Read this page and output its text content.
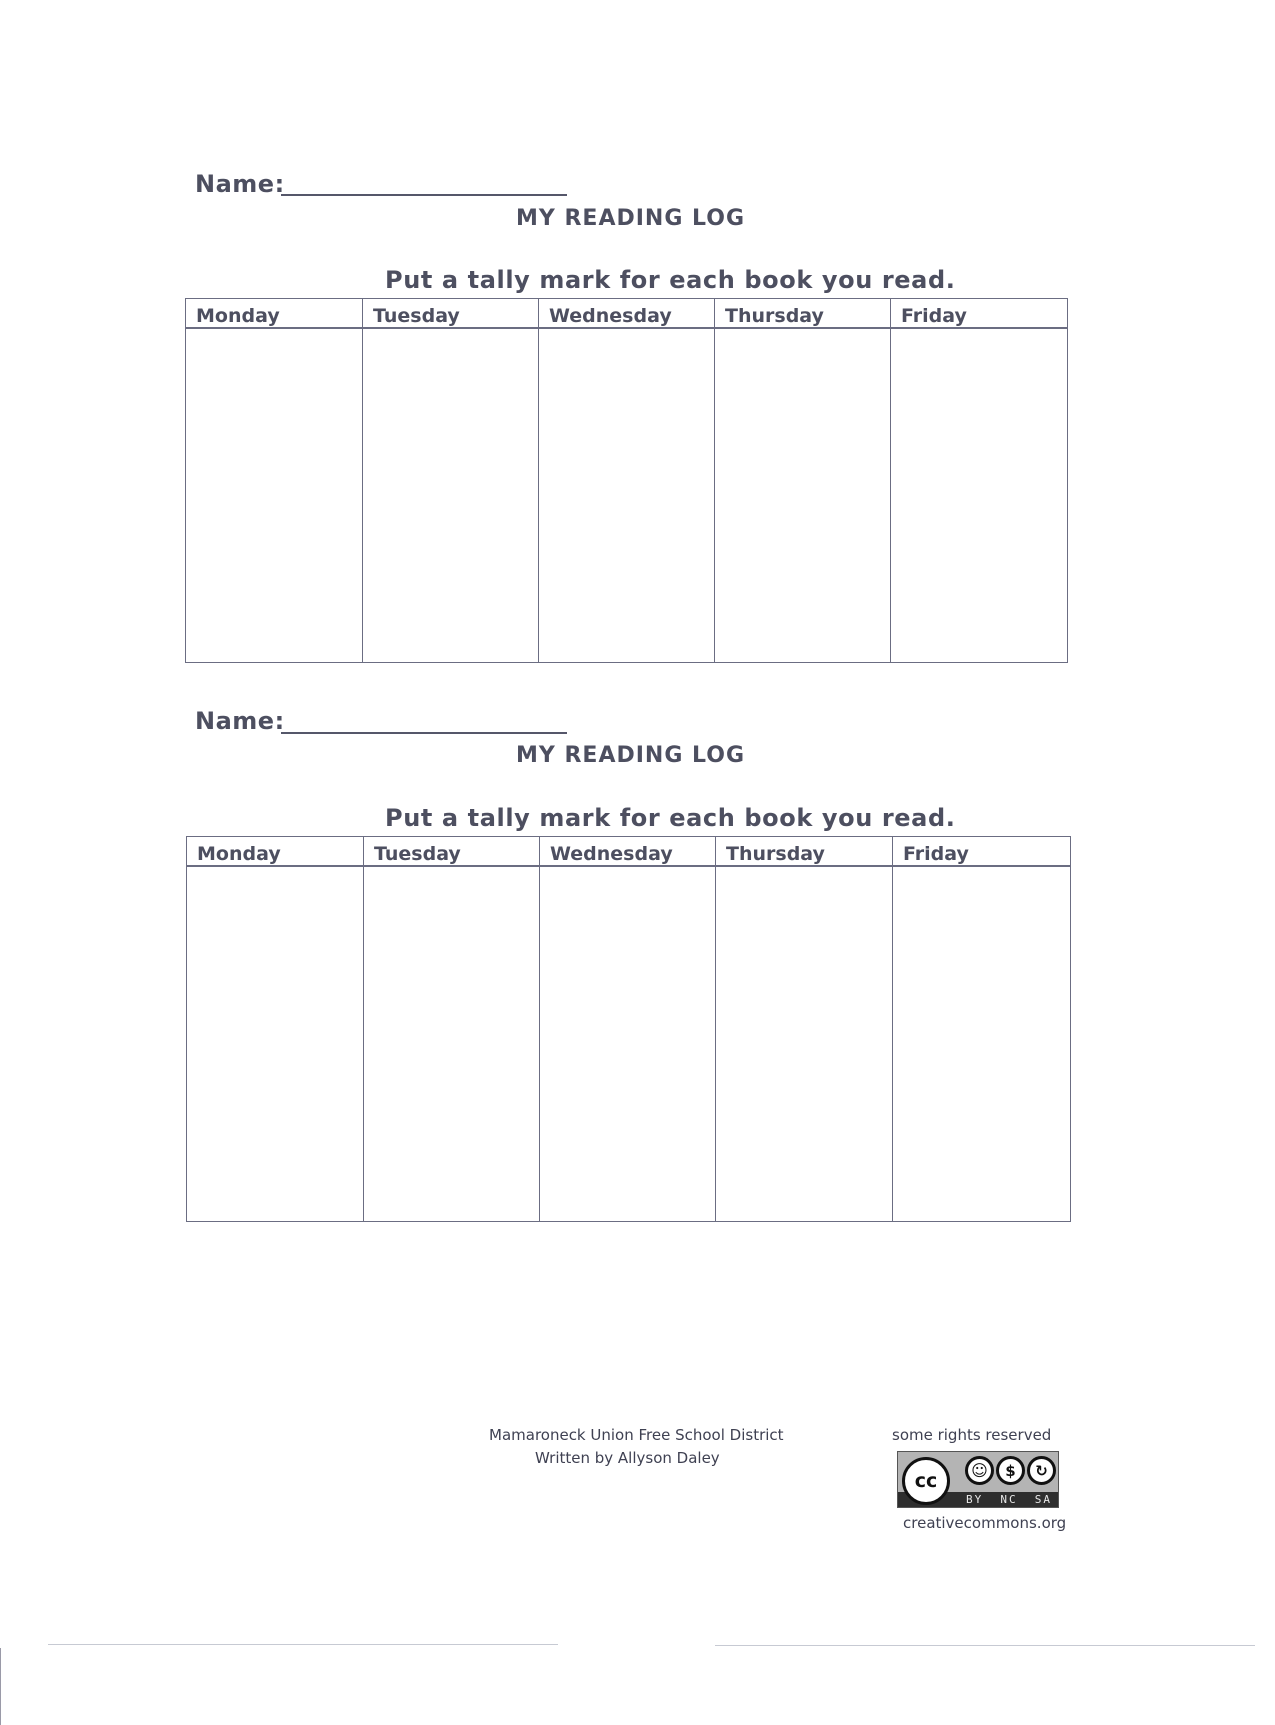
Name:
MY READING LOG
Put a tally mark for each book you read.
Monday	Tuesday	Wednesday	Thursday	Friday

Name:
MY READING LOG
Put a tally mark for each book you read.
Monday	Tuesday	Wednesday	Thursday	Friday

Mamaroneck Union Free School District
Written by Allyson Daley
some rights reserved
cc	☺	$	↻
BY NC SA
creativecommons.org
